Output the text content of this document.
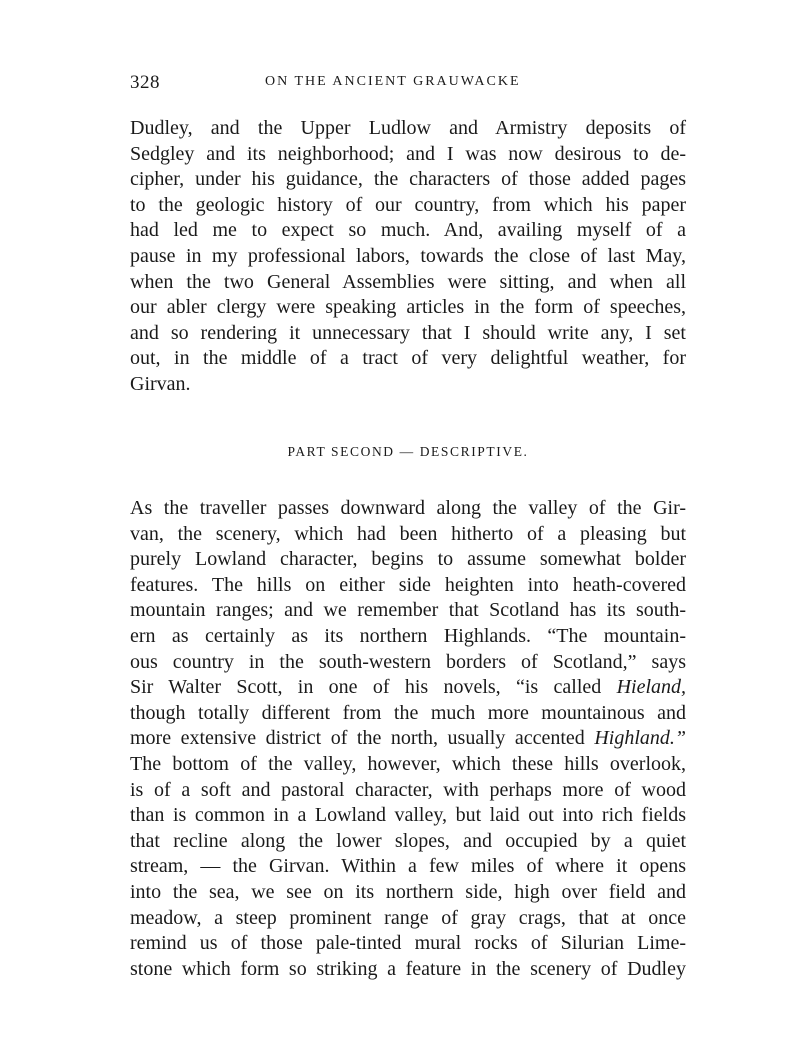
328	ON THE ANCIENT GRAUWACKE
Dudley, and the Upper Ludlow and Armistry deposits of
Sedgley and its neighborhood; and I was now desirous to de-
cipher, under his guidance, the characters of those added pages
to the geologic history of our country, from which his paper
had led me to expect so much. And, availing myself of a
pause in my professional labors, towards the close of last May,
when the two General Assemblies were sitting, and when all
our abler clergy were speaking articles in the form of speeches,
and so rendering it unnecessary that I should write any, I set
out, in the middle of a tract of very delightful weather, for
Girvan.
PART SECOND — DESCRIPTIVE.
As the traveller passes downward along the valley of the Gir-
van, the scenery, which had been hitherto of a pleasing but
purely Lowland character, begins to assume somewhat bolder
features. The hills on either side heighten into heath-covered
mountain ranges; and we remember that Scotland has its south-
ern as certainly as its northern Highlands. “The mountain-
ous country in the south-western borders of Scotland,” says
Sir Walter Scott, in one of his novels, “is called Hieland,
though totally different from the much more mountainous and
more extensive district of the north, usually accented Highland.”
The bottom of the valley, however, which these hills overlook,
is of a soft and pastoral character, with perhaps more of wood
than is common in a Lowland valley, but laid out into rich fields
that recline along the lower slopes, and occupied by a quiet
stream, — the Girvan. Within a few miles of where it opens
into the sea, we see on its northern side, high over field and
meadow, a steep prominent range of gray crags, that at once
remind us of those pale-tinted mural rocks of Silurian Lime-
stone which form so striking a feature in the scenery of Dudley
